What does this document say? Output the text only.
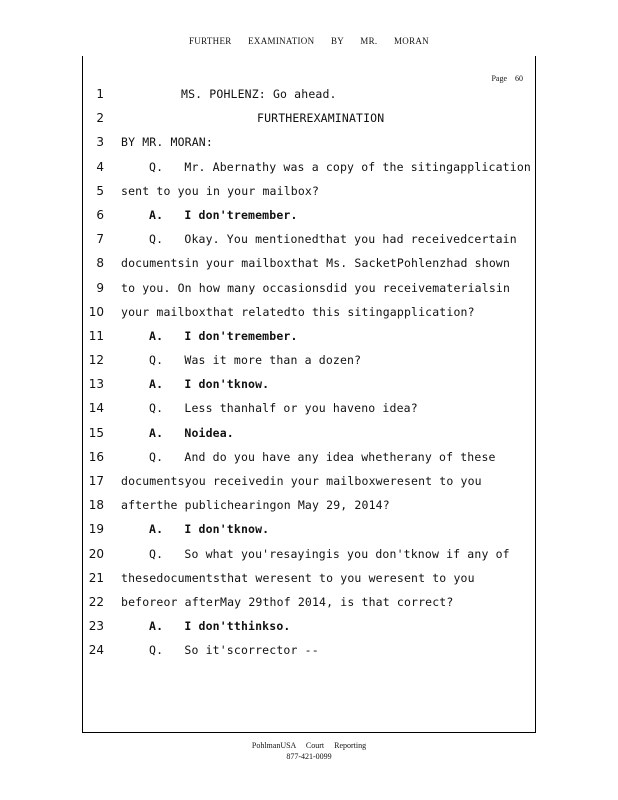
FURTHER EXAMINATION BY MR. MORAN
Page 60
1
2
3
4
5
6
7
8
9
10
11
12
13
14
15
16
17
18
19
20
21
22
23
24
MS. POHLENZ: Go ahead.
FURTHEREXAMINATION
BY MR. MORAN:
Q.   Mr. Abernathy was a copy of the sitingapplication
sent to you in your mailbox?
A.   I don'tremember.
Q.   Okay. You mentionedthat you had receivedcertain
documentsin your mailboxthat Ms. SacketPohlenzhad shown
to you. On how many occasionsdid you receivematerialsin
your mailboxthat relatedto this sitingapplication?
A.   I don'tremember.
Q.   Was it more than a dozen?
A.   I don'tknow.
Q.   Less thanhalf or you haveno idea?
A.   Noidea.
Q.   And do you have any idea whetherany of these
documentsyou receivedin your mailboxweresent to you
afterthe publichearingon May 29, 2014?
A.   I don'tknow.
Q.   So what you'resayingis you don'tknow if any of
thesedocumentsthat weresent to you weresent to you
beforeor afterMay 29thof 2014, is that correct?
A.   I don'tthinkso.
Q.   So it'scorrector --
PohlmanUSA Court Reporting
877-421-0099
